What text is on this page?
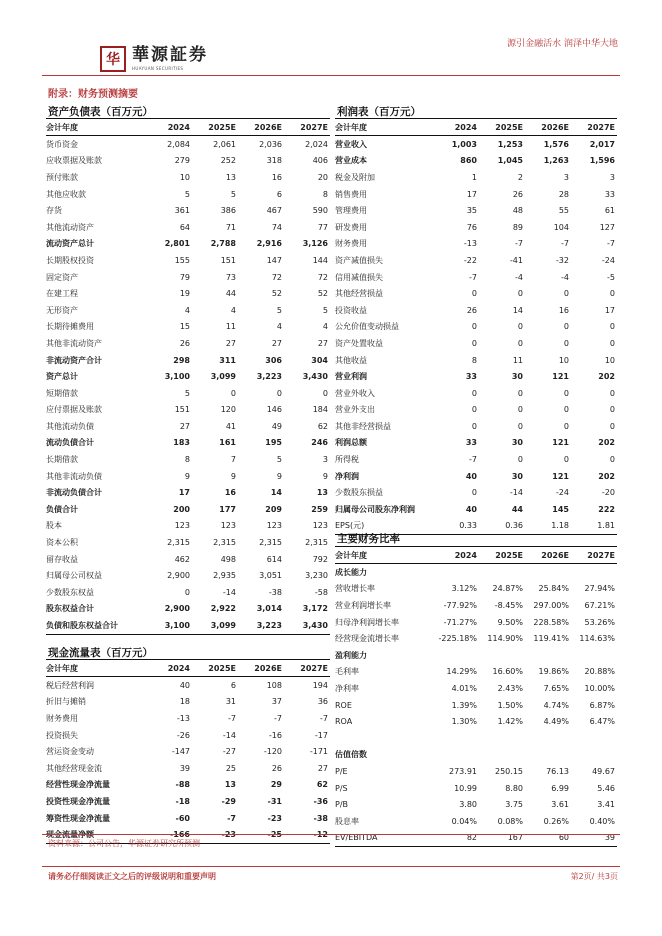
华 華源証券
HUAYUAN SECURITIES
源引金融活水 润泽中华大地
附录：财务预测摘要
资产负债表（百万元）
会计年度	2024	2025E	2026E	2027E
货币资金	2,084	2,061	2,036	2,024
应收票据及账款	279	252	318	406
预付账款	10	13	16	20
其他应收款	5	5	6	8
存货	361	386	467	590
其他流动资产	64	71	74	77
流动资产总计	2,801	2,788	2,916	3,126
长期股权投资	155	151	147	144
固定资产	79	73	72	72
在建工程	19	44	52	52
无形资产	4	4	5	5
长期待摊费用	15	11	4	4
其他非流动资产	26	27	27	27
非流动资产合计	298	311	306	304
资产总计	3,100	3,099	3,223	3,430
短期借款	5	0	0	0
应付票据及账款	151	120	146	184
其他流动负债	27	41	49	62
流动负债合计	183	161	195	246
长期借款	8	7	5	3
其他非流动负债	9	9	9	9
非流动负债合计	17	16	14	13
负债合计	200	177	209	259
股本	123	123	123	123
资本公积	2,315	2,315	2,315	2,315
留存收益	462	498	614	792
归属母公司权益	2,900	2,935	3,051	3,230
少数股东权益	0	-14	-38	-58
股东权益合计	2,900	2,922	3,014	3,172
负债和股东权益合计	3,100	3,099	3,223	3,430
利润表（百万元）
会计年度	2024	2025E	2026E	2027E
营业收入	1,003	1,253	1,576	2,017
营业成本	860	1,045	1,263	1,596
税金及附加	1	2	3	3
销售费用	17	26	28	33
管理费用	35	48	55	61
研发费用	76	89	104	127
财务费用	-13	-7	-7	-7
资产减值损失	-22	-41	-32	-24
信用减值损失	-7	-4	-4	-5
其他经营损益	0	0	0	0
投资收益	26	14	16	17
公允价值变动损益	0	0	0	0
资产处置收益	0	0	0	0
其他收益	8	11	10	10
营业利润	33	30	121	202
营业外收入	0	0	0	0
营业外支出	0	0	0	0
其他非经营损益	0	0	0	0
利润总额	33	30	121	202
所得税	-7	0	0	0
净利润	40	30	121	202
少数股东损益	0	-14	-24	-20
归属母公司股东净利润	40	44	145	222
EPS(元)	0.33	0.36	1.18	1.81
主要财务比率
会计年度	2024	2025E	2026E	2027E
成长能力				
营收增长率	3.12%	24.87%	25.84%	27.94%
营业利润增长率	-77.92%	-8.45%	297.00%	67.21%
归母净利润增长率	-71.27%	9.50%	228.58%	53.26%
经营现金流增长率	-225.18%	114.90%	119.41%	114.63%
盈利能力				
毛利率	14.29%	16.60%	19.86%	20.88%
净利率	4.01%	2.43%	7.65%	10.00%
ROE	1.39%	1.50%	4.74%	6.87%
ROA	1.30%	1.42%	4.49%	6.47%

估值倍数				
P/E	273.91	250.15	76.13	49.67
P/S	10.99	8.80	6.99	5.46
P/B	3.80	3.75	3.61	3.41
股息率	0.04%	0.08%	0.26%	0.40%
EV/EBITDA	82	167	60	39
现金流量表（百万元）
会计年度	2024	2025E	2026E	2027E
税后经营利润	40	6	108	194
折旧与摊销	18	31	37	36
财务费用	-13	-7	-7	-7
投资损失	-26	-14	-16	-17
营运资金变动	-147	-27	-120	-171
其他经营现金流	39	25	26	27
经营性现金净流量	-88	13	29	62
投资性现金净流量	-18	-29	-31	-36
筹资性现金净流量	-60	-7	-23	-38
现金流量净额	-166	-23	-25	-12
资料来源：公司公告，华源证券研究所预测
请务必仔细阅读正文之后的评级说明和重要声明	第2页/ 共3页
